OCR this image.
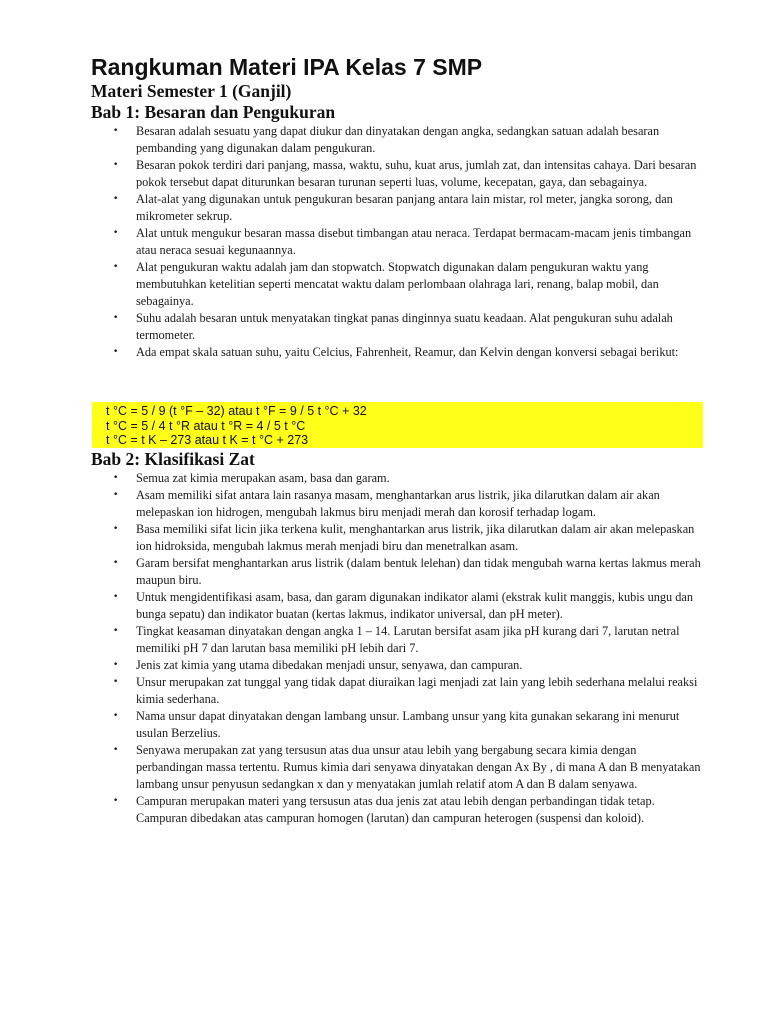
Rangkuman Materi IPA Kelas 7 SMP
Materi Semester 1 (Ganjil)
Bab 1: Besaran dan Pengukuran
• Besaran adalah sesuatu yang dapat diukur dan dinyatakan dengan angka, sedangkan satuan adalah besaran pembanding yang digunakan dalam pengukuran.
• Besaran pokok terdiri dari panjang, massa, waktu, suhu, kuat arus, jumlah zat, dan intensitas cahaya. Dari besaran pokok tersebut dapat diturunkan besaran turunan seperti luas, volume, kecepatan, gaya, dan sebagainya.
• Alat-alat yang digunakan untuk pengukuran besaran panjang antara lain mistar, rol meter, jangka sorong, dan mikrometer sekrup.
• Alat untuk mengukur besaran massa disebut timbangan atau neraca. Terdapat bermacam-macam jenis timbangan atau neraca sesuai kegunaannya.
• Alat pengukuran waktu adalah jam dan stopwatch. Stopwatch digunakan dalam pengukuran waktu yang membutuhkan ketelitian seperti mencatat waktu dalam perlombaan olahraga lari, renang, balap mobil, dan sebagainya.
• Suhu adalah besaran untuk menyatakan tingkat panas dinginnya suatu keadaan. Alat pengukuran suhu adalah termometer.
• Ada empat skala satuan suhu, yaitu Celcius, Fahrenheit, Reamur, dan Kelvin dengan konversi sebagai berikut:

t °C = 5 / 9 (t °F – 32) atau t °F = 9 / 5 t °C + 32

t °C = 5 / 4 t °R atau t °R = 4 / 5 t °C

t °C = t K – 273 atau t K = t °C + 273

Bab 2: Klasifikasi Zat
• Semua zat kimia merupakan asam, basa dan garam.
• Asam memiliki sifat antara lain rasanya masam, menghantarkan arus listrik, jika dilarutkan dalam air akan melepaskan ion hidrogen, mengubah lakmus biru menjadi merah dan korosif terhadap logam.
• Basa memiliki sifat licin jika terkena kulit, menghantarkan arus listrik, jika dilarutkan dalam air akan melepaskan ion hidroksida, mengubah lakmus merah menjadi biru dan menetralkan asam.
• Garam bersifat menghantarkan arus listrik (dalam bentuk lelehan) dan tidak mengubah warna kertas lakmus merah maupun biru.
• Untuk mengidentifikasi asam, basa, dan garam digunakan indikator alami (ekstrak kulit manggis, kubis ungu dan bunga sepatu) dan indikator buatan (kertas lakmus, indikator universal, dan pH meter).
• Tingkat keasaman dinyatakan dengan angka 1 – 14. Larutan bersifat asam jika pH kurang dari 7, larutan netral memiliki pH 7 dan larutan basa memiliki pH lebih dari 7.
• Jenis zat kimia yang utama dibedakan menjadi unsur, senyawa, dan campuran.
• Unsur merupakan zat tunggal yang tidak dapat diuraikan lagi menjadi zat lain yang lebih sederhana melalui reaksi kimia sederhana.
• Nama unsur dapat dinyatakan dengan lambang unsur. Lambang unsur yang kita gunakan sekarang ini menurut usulan Berzelius.
• Senyawa merupakan zat yang tersusun atas dua unsur atau lebih yang bergabung secara kimia dengan perbandingan massa tertentu. Rumus kimia dari senyawa dinyatakan dengan Ax By , di mana A dan B menyatakan lambang unsur penyusun sedangkan x dan y menyatakan jumlah relatif atom A dan B dalam senyawa.
• Campuran merupakan materi yang tersusun atas dua jenis zat atau lebih dengan perbandingan tidak tetap. Campuran dibedakan atas campuran homogen (larutan) dan campuran heterogen (suspensi dan koloid).
